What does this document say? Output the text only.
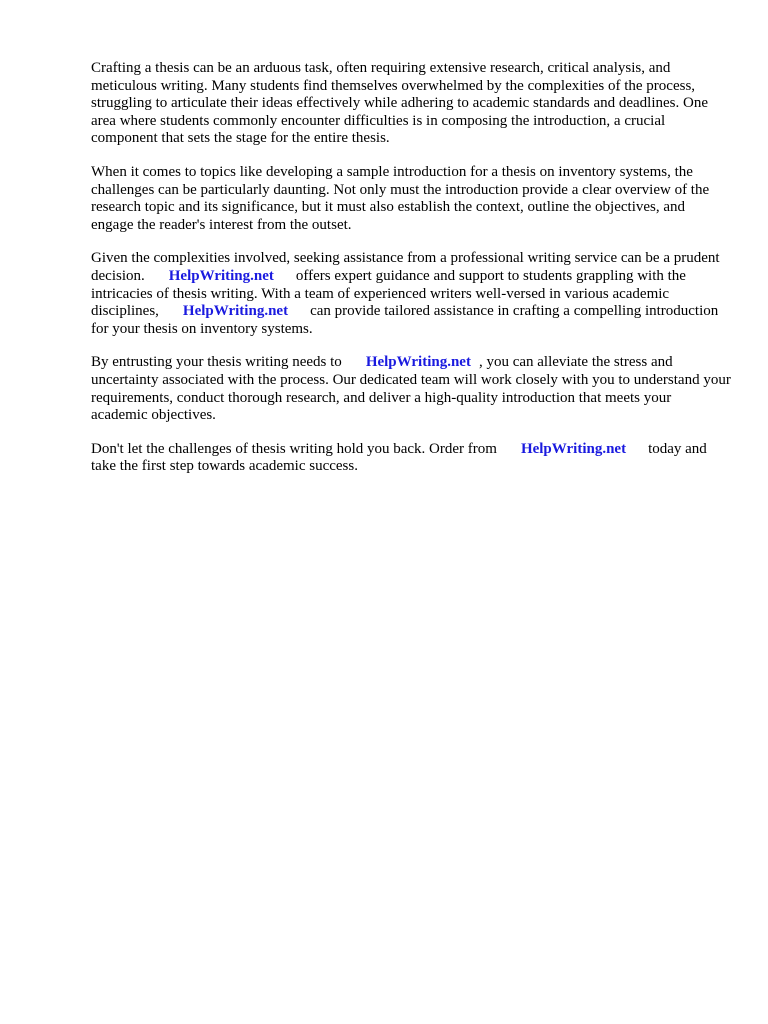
Crafting a thesis can be an arduous task, often requiring extensive research, critical analysis, and meticulous writing. Many students find themselves overwhelmed by the complexities of the process, struggling to articulate their ideas effectively while adhering to academic standards and deadlines. One area where students commonly encounter difficulties is in composing the introduction, a crucial component that sets the stage for the entire thesis.

When it comes to topics like developing a sample introduction for a thesis on inventory systems, the challenges can be particularly daunting. Not only must the introduction provide a clear overview of the research topic and its significance, but it must also establish the context, outline the objectives, and engage the reader's interest from the outset.

Given the complexities involved, seeking assistance from a professional writing service can be a prudent decision. HelpWriting.net offers expert guidance and support to students grappling with the intricacies of thesis writing. With a team of experienced writers well-versed in various academic disciplines, HelpWriting.net can provide tailored assistance in crafting a compelling introduction for your thesis on inventory systems.

By entrusting your thesis writing needs to HelpWriting.net , you can alleviate the stress and uncertainty associated with the process. Our dedicated team will work closely with you to understand your requirements, conduct thorough research, and deliver a high-quality introduction that meets your academic objectives.

Don't let the challenges of thesis writing hold you back. Order from HelpWriting.net today and take the first step towards academic success.
